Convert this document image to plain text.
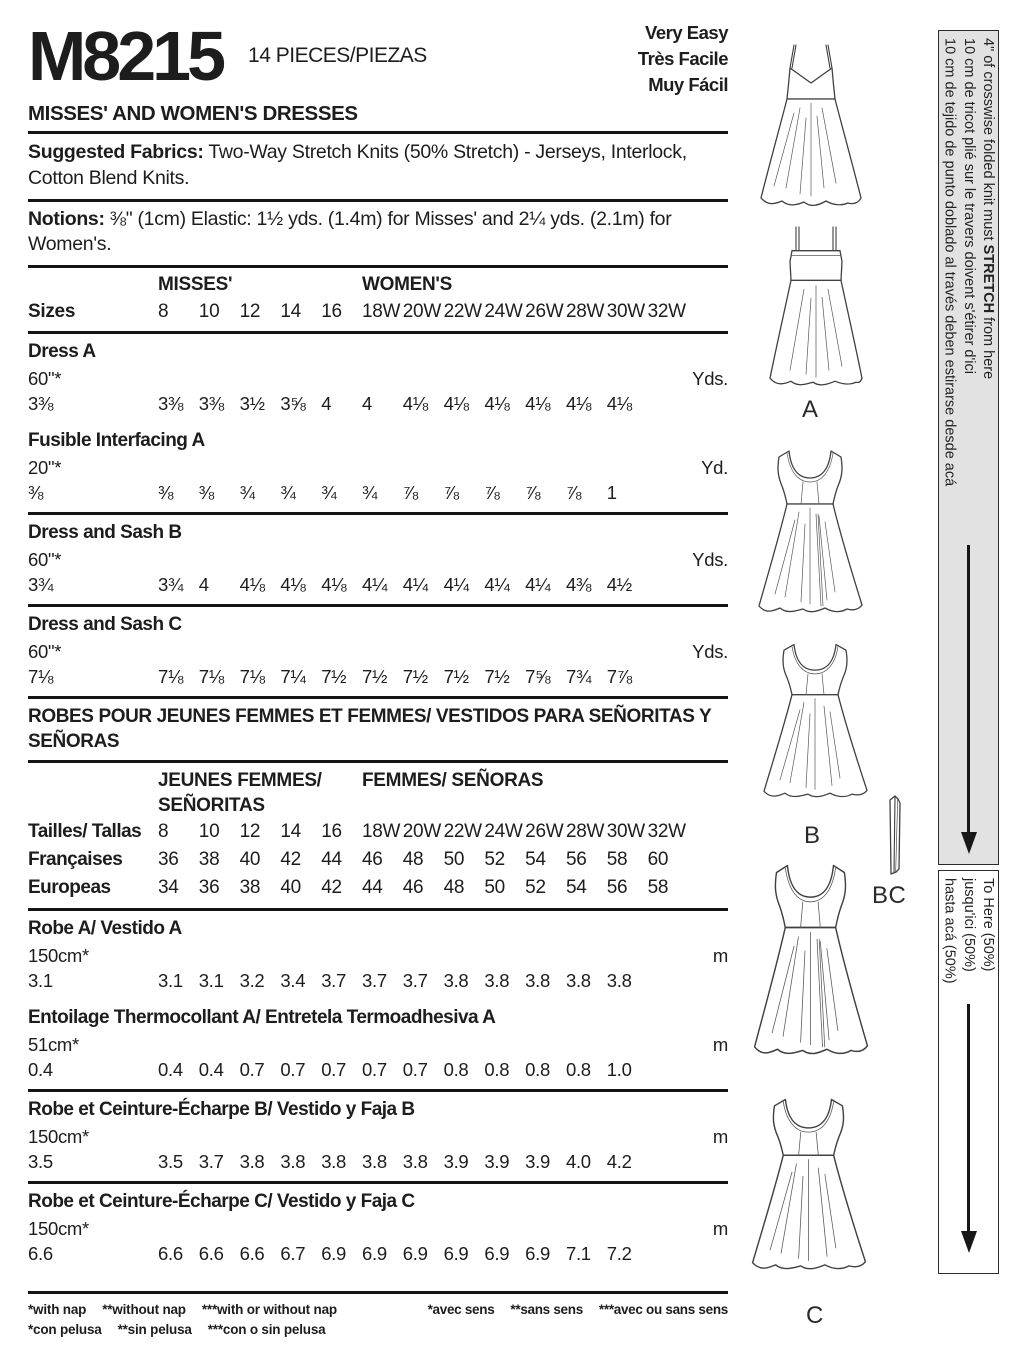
M8215 14 PIECES/PIEZAS
Very Easy
Très Facile
Muy Fácil
MISSES' AND WOMEN'S DRESSES
Suggested Fabrics: Two-Way Stretch Knits (50% Stretch) - Jerseys, Interlock, Cotton Blend Knits.
Notions: ⅜" (1cm) Elastic: 1½ yds. (1.4m) for Misses' and 2¼ yds. (2.1m) for Women's.
MISSES'	WOMEN'S
Sizes	8	10	12	14	16	18W 20W 22W 24W 26W 28W 30W 32W
Dress A
60"*	Yds.
3⅜	3⅜ 3⅜ 3½ 3⅝ 4	4	4⅛ 4⅛ 4⅛ 4⅛ 4⅛ 4⅛
Fusible Interfacing A
20"*	Yd.
⅜	⅜	⅜	¾	¾	¾	¾	⅞	⅞	⅞	⅞	⅞	1
Dress and Sash B
60"*	Yds.
3¾	3¾ 4	4⅛ 4⅛ 4⅛ 4¼ 4¼ 4¼ 4¼ 4¼ 4⅜ 4½
Dress and Sash C
60"*	Yds.
7⅛	7⅛ 7⅛ 7⅛ 7¼ 7½ 7½ 7½ 7½ 7½ 7⅝ 7¾ 7⅞
ROBES POUR JEUNES FEMMES ET FEMMES/ VESTIDOS PARA SEÑORITAS Y SEÑORAS
JEUNES FEMMES/
SEÑORITAS
FEMMES/ SEÑORAS
Tailles/ Tallas 8	10	12	14	16	18W 20W 22W 24W 26W 28W 30W 32W
Françaises	36	38	40	42	44	46	48	50	52	54	56	58	60
Europeas	34	36	38	40	42	44	46	48	50	52	54	56	58
Robe A/ Vestido A
150cm*	m
3.1	3.1 3.1 3.2 3.4 3.7 3.7 3.7 3.8 3.8 3.8 3.8 3.8
Entoilage Thermocollant A/ Entretela Termoadhesiva A
51cm*	m
0.4	0.4 0.4 0.7 0.7 0.7 0.7 0.7 0.8 0.8 0.8 0.8 1.0
Robe et Ceinture-Écharpe B/ Vestido y Faja B
150cm*	m
3.5	3.5 3.7 3.8 3.8 3.8 3.8 3.8 3.9 3.9 3.9 4.0 4.2
Robe et Ceinture-Écharpe C/ Vestido y Faja C
150cm*	m
6.6	6.6 6.6 6.6 6.7 6.9 6.9 6.9 6.9 6.9 6.9 7.1 7.2
*with nap **without nap ***with or without nap
*con pelusa **sin pelusa ***con o sin pelusa
*avec sens **sans sens ***avec ou sans sens
A
B
BC
C
4" of crosswise folded knit must STRETCH from here
10 cm de tricot plié sur le travers doivent s'étirer d'ici
10 cm de tejido de punto doblado al través deben estirarse desde acá
To Here (50%)
jusqu'ici (50%)
hasta acá (50%)
